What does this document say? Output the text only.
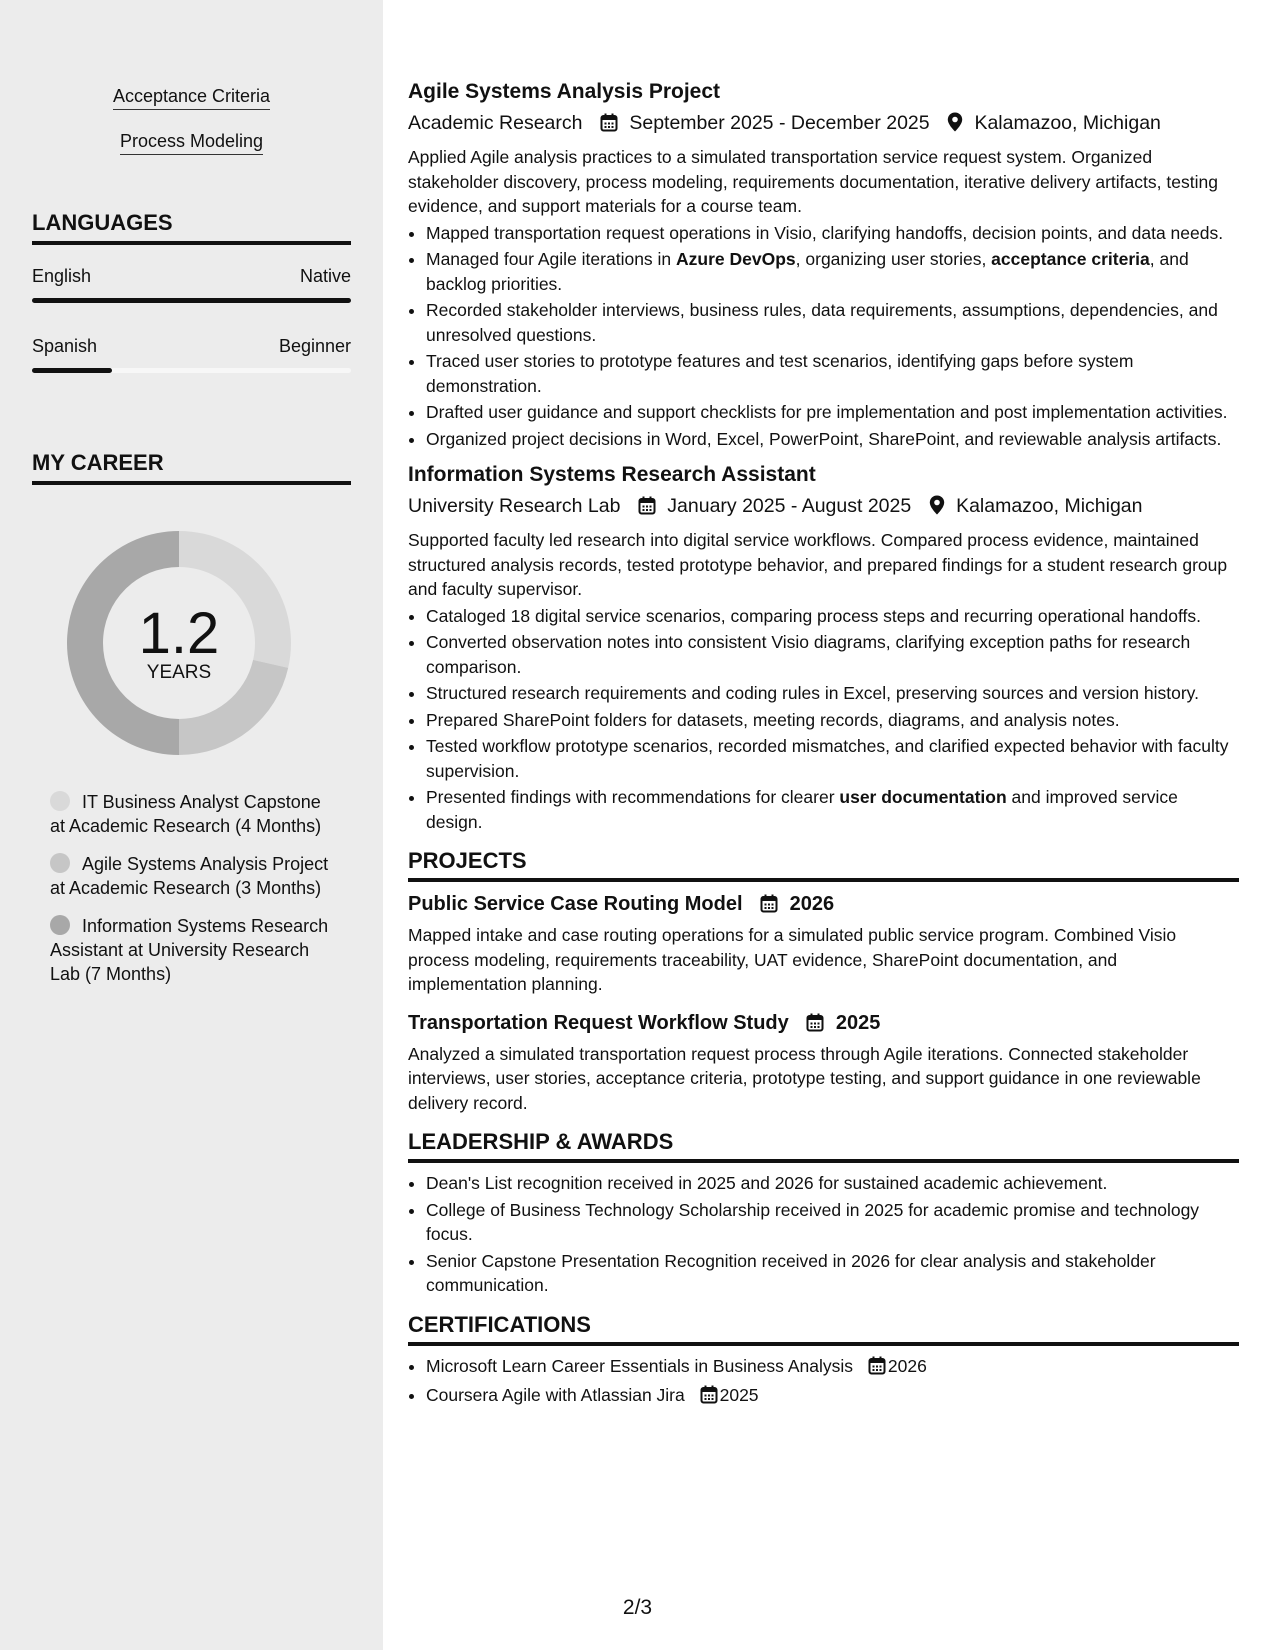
Acceptance Criteria
Process Modeling
LANGUAGES
English	Native
Spanish	Beginner
MY CAREER
1.2
YEARS
IT Business Analyst Capstone at Academic Research (4 Months)
Agile Systems Analysis Project at Academic Research (3 Months)
Information Systems Research Assistant at University Research Lab (7 Months)
Agile Systems Analysis Project
Academic Research September 2025 - December 2025 Kalamazoo, Michigan

Applied Agile analysis practices to a simulated transportation service request system. Organized stakeholder discovery, process modeling, requirements documentation, iterative delivery artifacts, testing evidence, and support materials for a course team.

• Mapped transportation request operations in Visio, clarifying handoffs, decision points, and data needs.
• Managed four Agile iterations in Azure DevOps, organizing user stories, acceptance criteria, and backlog priorities.
• Recorded stakeholder interviews, business rules, data requirements, assumptions, dependencies, and unresolved questions.
• Traced user stories to prototype features and test scenarios, identifying gaps before system demonstration.
• Drafted user guidance and support checklists for pre implementation and post implementation activities.
• Organized project decisions in Word, Excel, PowerPoint, SharePoint, and reviewable analysis artifacts.
Information Systems Research Assistant
University Research Lab January 2025 - August 2025 Kalamazoo, Michigan

Supported faculty led research into digital service workflows. Compared process evidence, maintained structured analysis records, tested prototype behavior, and prepared findings for a student research group and faculty supervisor.

• Cataloged 18 digital service scenarios, comparing process steps and recurring operational handoffs.
• Converted observation notes into consistent Visio diagrams, clarifying exception paths for research comparison.
• Structured research requirements and coding rules in Excel, preserving sources and version history.
• Prepared SharePoint folders for datasets, meeting records, diagrams, and analysis notes.
• Tested workflow prototype scenarios, recorded mismatches, and clarified expected behavior with faculty supervision.
• Presented findings with recommendations for clearer user documentation and improved service design.
PROJECTS
Public Service Case Routing Model 2026

Mapped intake and case routing operations for a simulated public service program. Combined Visio process modeling, requirements traceability, UAT evidence, SharePoint documentation, and implementation planning.

Transportation Request Workflow Study 2025

Analyzed a simulated transportation request process through Agile iterations. Connected stakeholder interviews, user stories, acceptance criteria, prototype testing, and support guidance in one reviewable delivery record.

LEADERSHIP & AWARDS
• Dean's List recognition received in 2025 and 2026 for sustained academic achievement.
• College of Business Technology Scholarship received in 2025 for academic promise and technology focus.
• Senior Capstone Presentation Recognition received in 2026 for clear analysis and stakeholder communication.
CERTIFICATIONS
• Microsoft Learn Career Essentials in Business Analysis 2026
• Coursera Agile with Atlassian Jira 2025
2/3
